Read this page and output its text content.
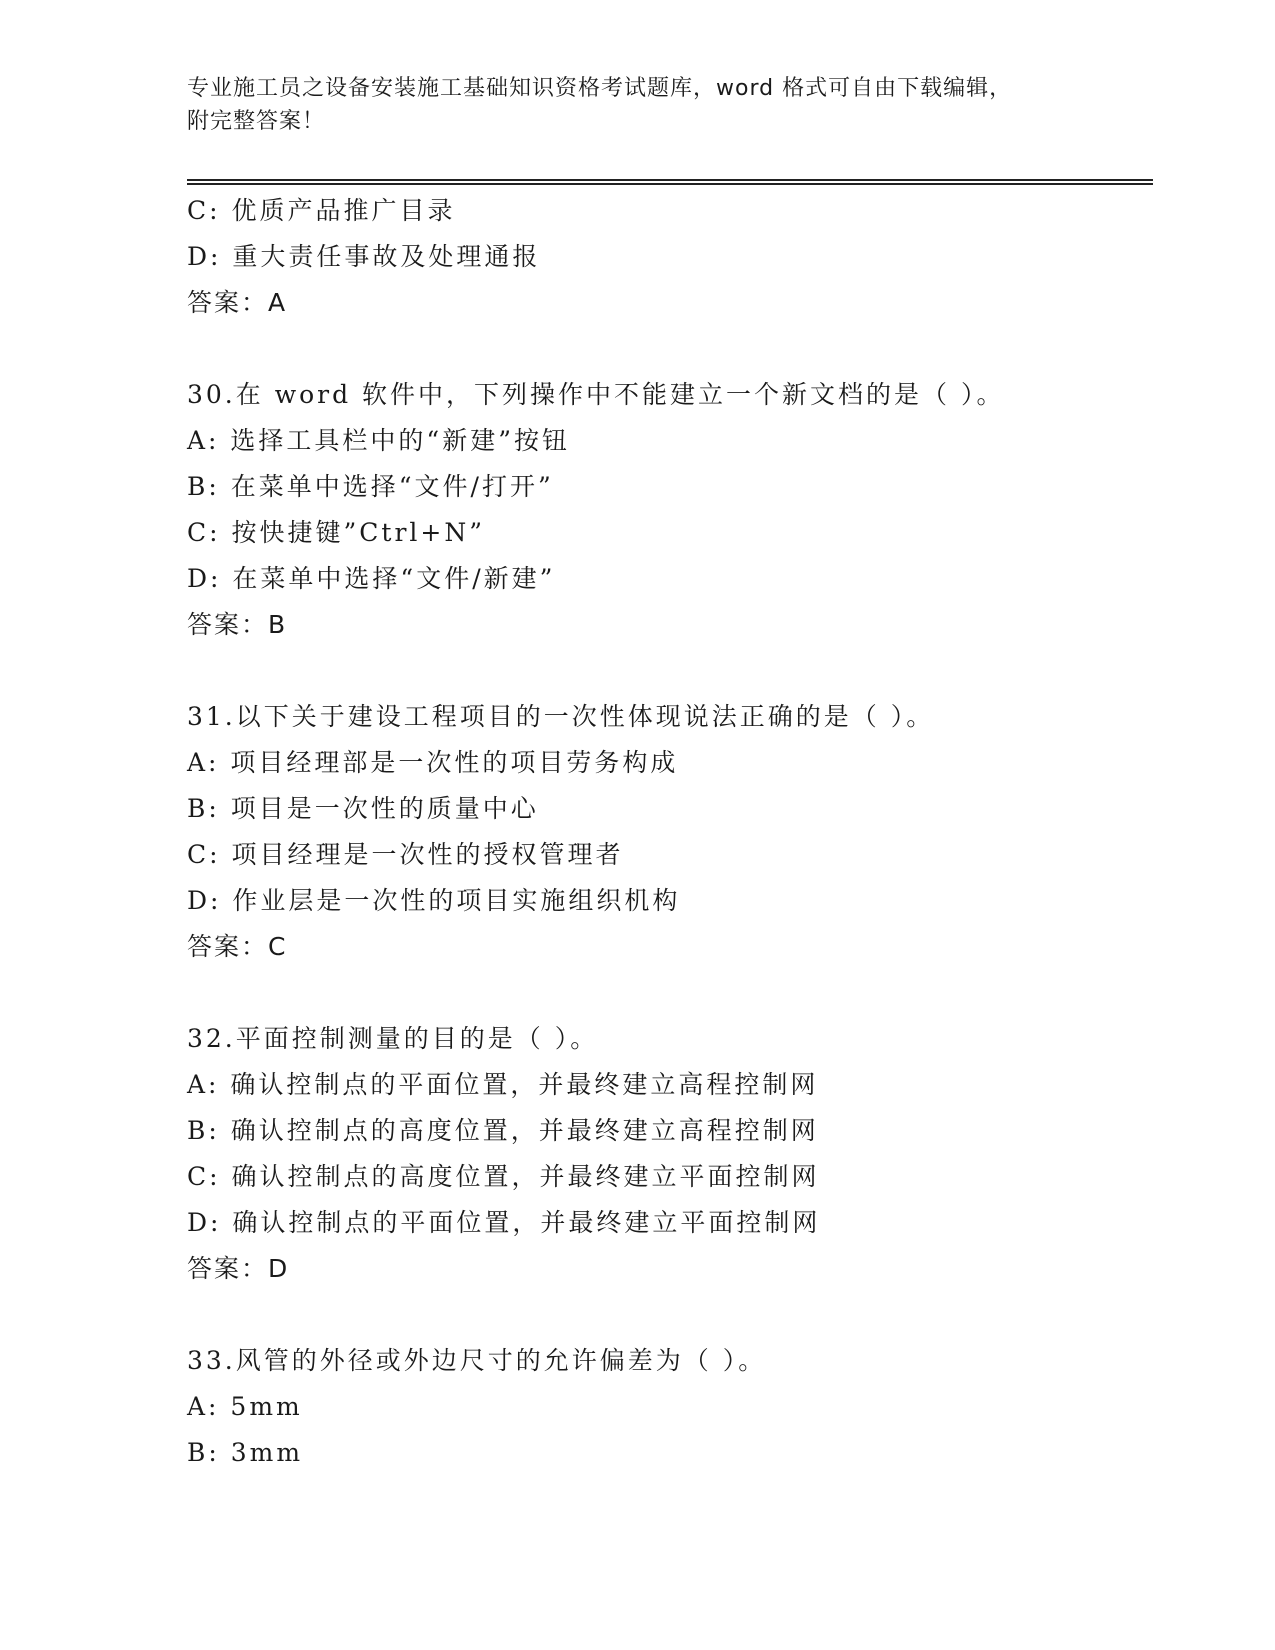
专业施工员之设备安装施工基础知识资格考试题库，word 格式可自由下载编辑，
附完整答案！
C: 优质产品推广目录
D: 重大责任事故及处理通报
答案：A
30.在 word 软件中，下列操作中不能建立一个新文档的是（ ）。
A: 选择工具栏中的“新建”按钮
B: 在菜单中选择“文件/打开”
C: 按快捷键”Ctrl+N”
D: 在菜单中选择“文件/新建”
答案：B
31.以下关于建设工程项目的一次性体现说法正确的是（ ）。
A: 项目经理部是一次性的项目劳务构成
B: 项目是一次性的质量中心
C: 项目经理是一次性的授权管理者
D: 作业层是一次性的项目实施组织机构
答案：C
32.平面控制测量的目的是（ ）。
A: 确认控制点的平面位置，并最终建立高程控制网
B: 确认控制点的高度位置，并最终建立高程控制网
C: 确认控制点的高度位置，并最终建立平面控制网
D: 确认控制点的平面位置，并最终建立平面控制网
答案：D
33.风管的外径或外边尺寸的允许偏差为（ ）。
A: 5mm
B: 3mm
